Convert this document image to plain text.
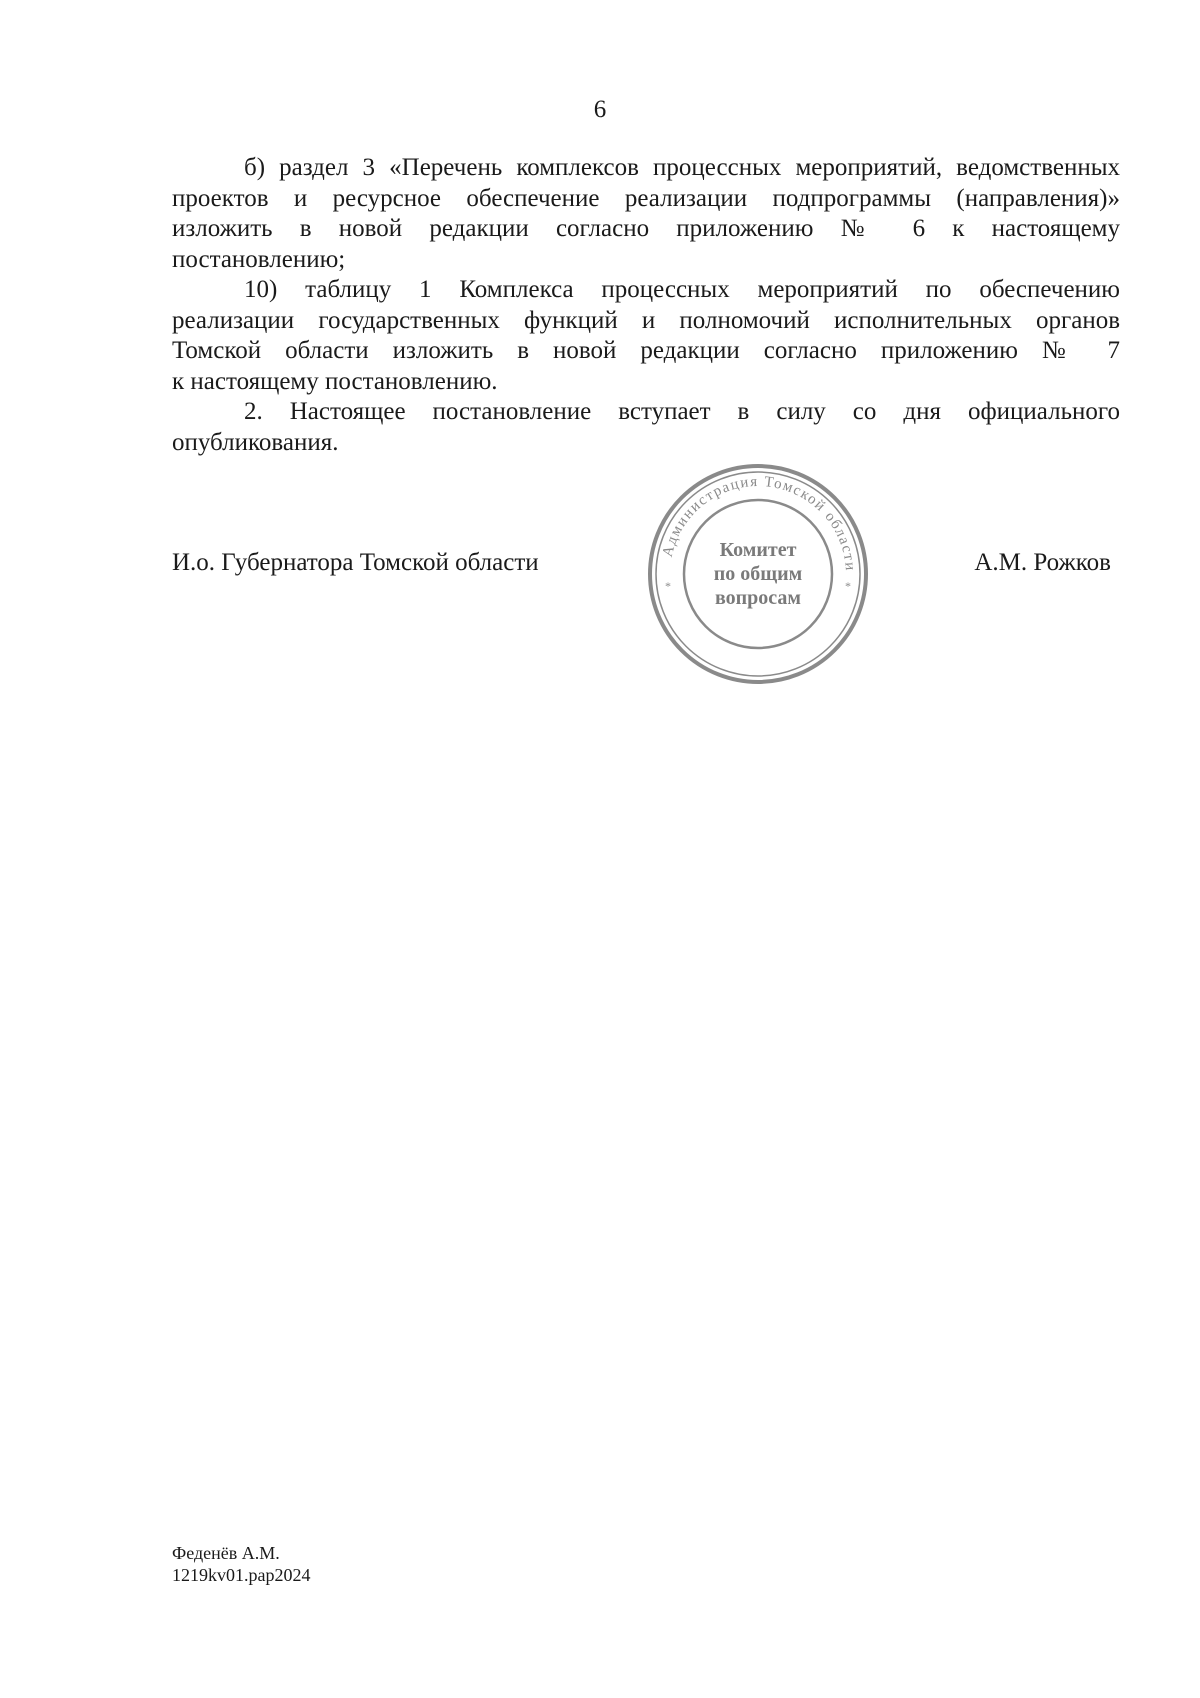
6
б) раздел 3 «Перечень комплексов процессных мероприятий, ведомственных
проектов и ресурсное обеспечение реализации подпрограммы (направления)»
изложить в новой редакции согласно приложению № 6 к настоящему
постановлению;
10) таблицу 1 Комплекса процессных мероприятий по обеспечению
реализации государственных функций и полномочий исполнительных органов
Томской области изложить в новой редакции согласно приложению № 7
к настоящему постановлению.
2. Настоящее постановление вступает в силу со дня официального
опубликования.
И.о. Губернатора Томской области	А.М. Рожков
Администрация Томской области
*	*
Комитет
по общим
вопросам
Феденёв А.М.
1219kv01.pap2024
